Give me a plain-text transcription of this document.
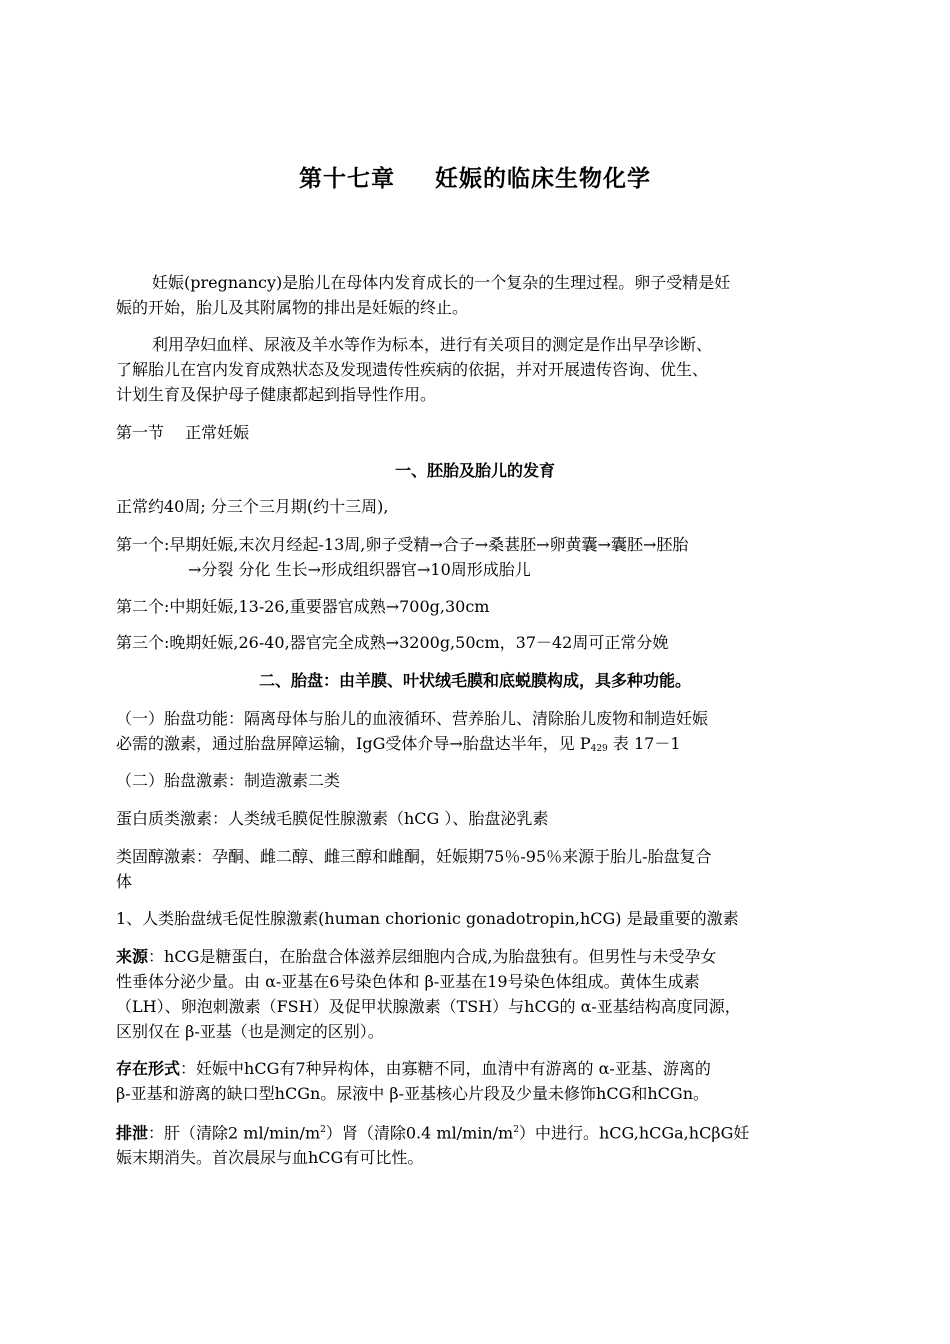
第十七章 妊娠的临床生物化学
妊娠(pregnancy)是胎儿在母体内发育成长的一个复杂的生理过程。卵子受精是妊
娠的开始，胎儿及其附属物的排出是妊娠的终止。
利用孕妇血样、尿液及羊水等作为标本，进行有关项目的测定是作出早孕诊断、
了解胎儿在宫内发育成熟状态及发现遗传性疾病的依据，并对开展遗传咨询、优生、
计划生育及保护母子健康都起到指导性作用。
第一节　 正常妊娠
一、胚胎及胎儿的发育
正常约40周; 分三个三月期(约十三周),
第一个:早期妊娠,末次月经起-13周,卵子受精→合子→桑葚胚→卵黄囊→囊胚→胚胎
→分裂 分化 生长→形成组织器官→10周形成胎儿
第二个:中期妊娠,13-26,重要器官成熟→700g,30cm
第三个:晚期妊娠,26-40,器官完全成熟→3200g,50cm，37－42周可正常分娩
二、胎盘：由羊膜、叶状绒毛膜和底蜕膜构成，具多种功能。
（一）胎盘功能：隔离母体与胎儿的血液循环、营养胎儿、清除胎儿废物和制造妊娠
必需的激素，通过胎盘屏障运输，IgG受体介导→胎盘达半年，见 $P_{429}$ 表 17－1
（二）胎盘激素：制造激素二类
蛋白质类激素：人类绒毛膜促性腺激素（hCG ）、胎盘泌乳素
类固醇激素：孕酮、雌二醇、雌三醇和雌酮，妊娠期75％-95％来源于胎儿-胎盘复合
体
1、人类胎盘绒毛促性腺激素(human chorionic gonadotropin,hCG) 是最重要的激素
来源：hCG是糖蛋白，在胎盘合体滋养层细胞内合成,为胎盘独有。但男性与未受孕女
性垂体分泌少量。由 α-亚基在6号染色体和 β-亚基在19号染色体组成。黄体生成素
（LH）、卵泡刺激素（FSH）及促甲状腺激素（TSH）与hCG的 α-亚基结构高度同源，
区别仅在 β-亚基（也是测定的区别）。
存在形式：妊娠中hCG有7种异构体，由寡糖不同，血清中有游离的 α-亚基、游离的
β-亚基和游离的缺口型hCGn。尿液中 β-亚基核心片段及少量未修饰hCG和hCGn。
排泄：肝（清除2 $ml/\min/m^2$）肾（清除0.4 $ml/\min/m^2$）中进行。hCG,hCGa,hCβG妊
娠末期消失。首次晨尿与血hCG有可比性。
